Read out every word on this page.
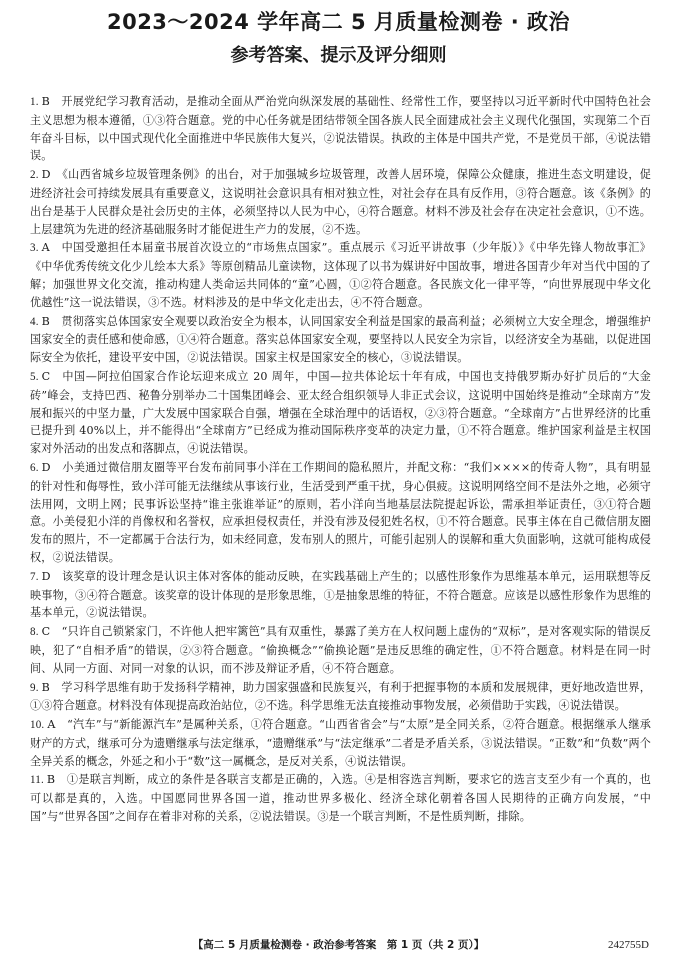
2023～2024 学年高二 5 月质量检测卷 · 政治
参考答案、提示及评分细则

1. B　开展党纪学习教育活动，是推动全面从严治党向纵深发展的基础性、经常性工作，要坚持以习近平新时代中国特色社会主义思想为根本遵循，①③符合题意。党的中心任务就是团结带领全国各族人民全面建成社会主义现代化强国，实现第二个百年奋斗目标，以中国式现代化全面推进中华民族伟大复兴，②说法错误。执政的主体是中国共产党，不是党员干部，④说法错误。

2. D　《山西省城乡垃圾管理条例》的出台，对于加强城乡垃圾管理，改善人居环境，保障公众健康，推进生态文明建设，促进经济社会可持续发展具有重要意义，这说明社会意识具有相对独立性，对社会存在具有反作用，③符合题意。该《条例》的出台是基于人民群众是社会历史的主体，必须坚持以人民为中心，④符合题意。材料不涉及社会存在决定社会意识，①不选。上层建筑为先进的经济基础服务时才能促进生产力的发展，②不选。

3. A　中国受邀担任本届童书展首次设立的“市场焦点国家”。重点展示《习近平讲故事（少年版）》《中华先锋人物故事汇》《中华优秀传统文化少儿绘本大系》等原创精品儿童读物，这体现了以书为媒讲好中国故事，增进各国青少年对当代中国的了解；加强世界文化交流，推动构建人类命运共同体的“童”心圆，①②符合题意。各民族文化一律平等，“向世界展现中华文化优越性”这一说法错误，③不选。材料涉及的是中华文化走出去，④不符合题意。

4. B　贯彻落实总体国家安全观要以政治安全为根本，认同国家安全利益是国家的最高利益；必须树立大安全理念，增强维护国家安全的责任感和使命感，①④符合题意。落实总体国家安全观，要坚持以人民安全为宗旨，以经济安全为基础，以促进国际安全为依托，建设平安中国，②说法错误。国家主权是国家安全的核心，③说法错误。

5. C　中国—阿拉伯国家合作论坛迎来成立 20 周年，中国—拉共体论坛十年有成，中国也支持俄罗斯办好扩员后的“大金砖”峰会，支持巴西、秘鲁分别举办二十国集团峰会、亚太经合组织领导人非正式会议，这说明中国始终是推动“全球南方”发展和振兴的中坚力量，广大发展中国家联合自强，增强在全球治理中的话语权，②③符合题意。“全球南方”占世界经济的比重已提升到 40%以上，并不能得出“全球南方”已经成为推动国际秩序变革的决定力量，①不符合题意。维护国家利益是主权国家对外活动的出发点和落脚点，④说法错误。

6. D　小美通过微信朋友圈等平台发布前同事小洋在工作期间的隐私照片，并配文称：“我们××××的传奇人物”，具有明显的针对性和侮辱性，致小洋可能无法继续从事该行业，生活受到严重干扰，身心俱疲。这说明网络空间不是法外之地，必须守法用网，文明上网；民事诉讼坚持“谁主张谁举证”的原则，若小洋向当地基层法院提起诉讼，需承担举证责任，③①符合题意。小美侵犯小洋的肖像权和名誉权，应承担侵权责任，并没有涉及侵犯姓名权，①不符合题意。民事主体在自己微信朋友圈发布的照片，不一定都属于合法行为，如未经同意，发布别人的照片，可能引起别人的误解和重大负面影响，这就可能构成侵权，②说法错误。

7. D　该奖章的设计理念是认识主体对客体的能动反映，在实践基础上产生的；以感性形象作为思维基本单元，运用联想等反映事物，③④符合题意。该奖章的设计体现的是形象思维，①是抽象思维的特征，不符合题意。应该是以感性形象作为思维的基本单元，②说法错误。

8. C　“只许自己锁紧家门，不许他人把牢篱笆”具有双重性，暴露了美方在人权问题上虚伪的“双标”，是对客观实际的错误反映，犯了“自相矛盾”的错误，②③符合题意。“偷换概念”“偷换论题”是违反思维的确定性，①不符合题意。材料是在同一时间、从同一方面、对同一对象的认识，而不涉及辩证矛盾，④不符合题意。

9. B　学习科学思维有助于发扬科学精神，助力国家强盛和民族复兴，有利于把握事物的本质和发展规律，更好地改造世界，①③符合题意。材料没有体现提高政治站位，②不选。科学思维无法直接推动事物发展，必须借助于实践，④说法错误。

10. A　“汽车”与“新能源汽车”是属种关系，①符合题意。“山西省省会”与“太原”是全同关系，②符合题意。根据继承人继承财产的方式，继承可分为遗赠继承与法定继承，“遗赠继承”与“法定继承”二者是矛盾关系，③说法错误。“正数”和“负数”两个全异关系的概念，外延之和小于“数”这一属概念，是反对关系，④说法错误。

11. B　①是联言判断，成立的条件是各联言支都是正确的，入选。④是相容选言判断，要求它的选言支至少有一个真的，也可以都是真的，入选。中国愿同世界各国一道，推动世界多极化、经济全球化朝着各国人民期待的正确方向发展，“中国”与“世界各国”之间存在着非对称的关系，②说法错误。③是一个联言判断，不是性质判断，排除。

【高二 5 月质量检测卷 · 政治参考答案　第 1 页（共 2 页）】	242755D
